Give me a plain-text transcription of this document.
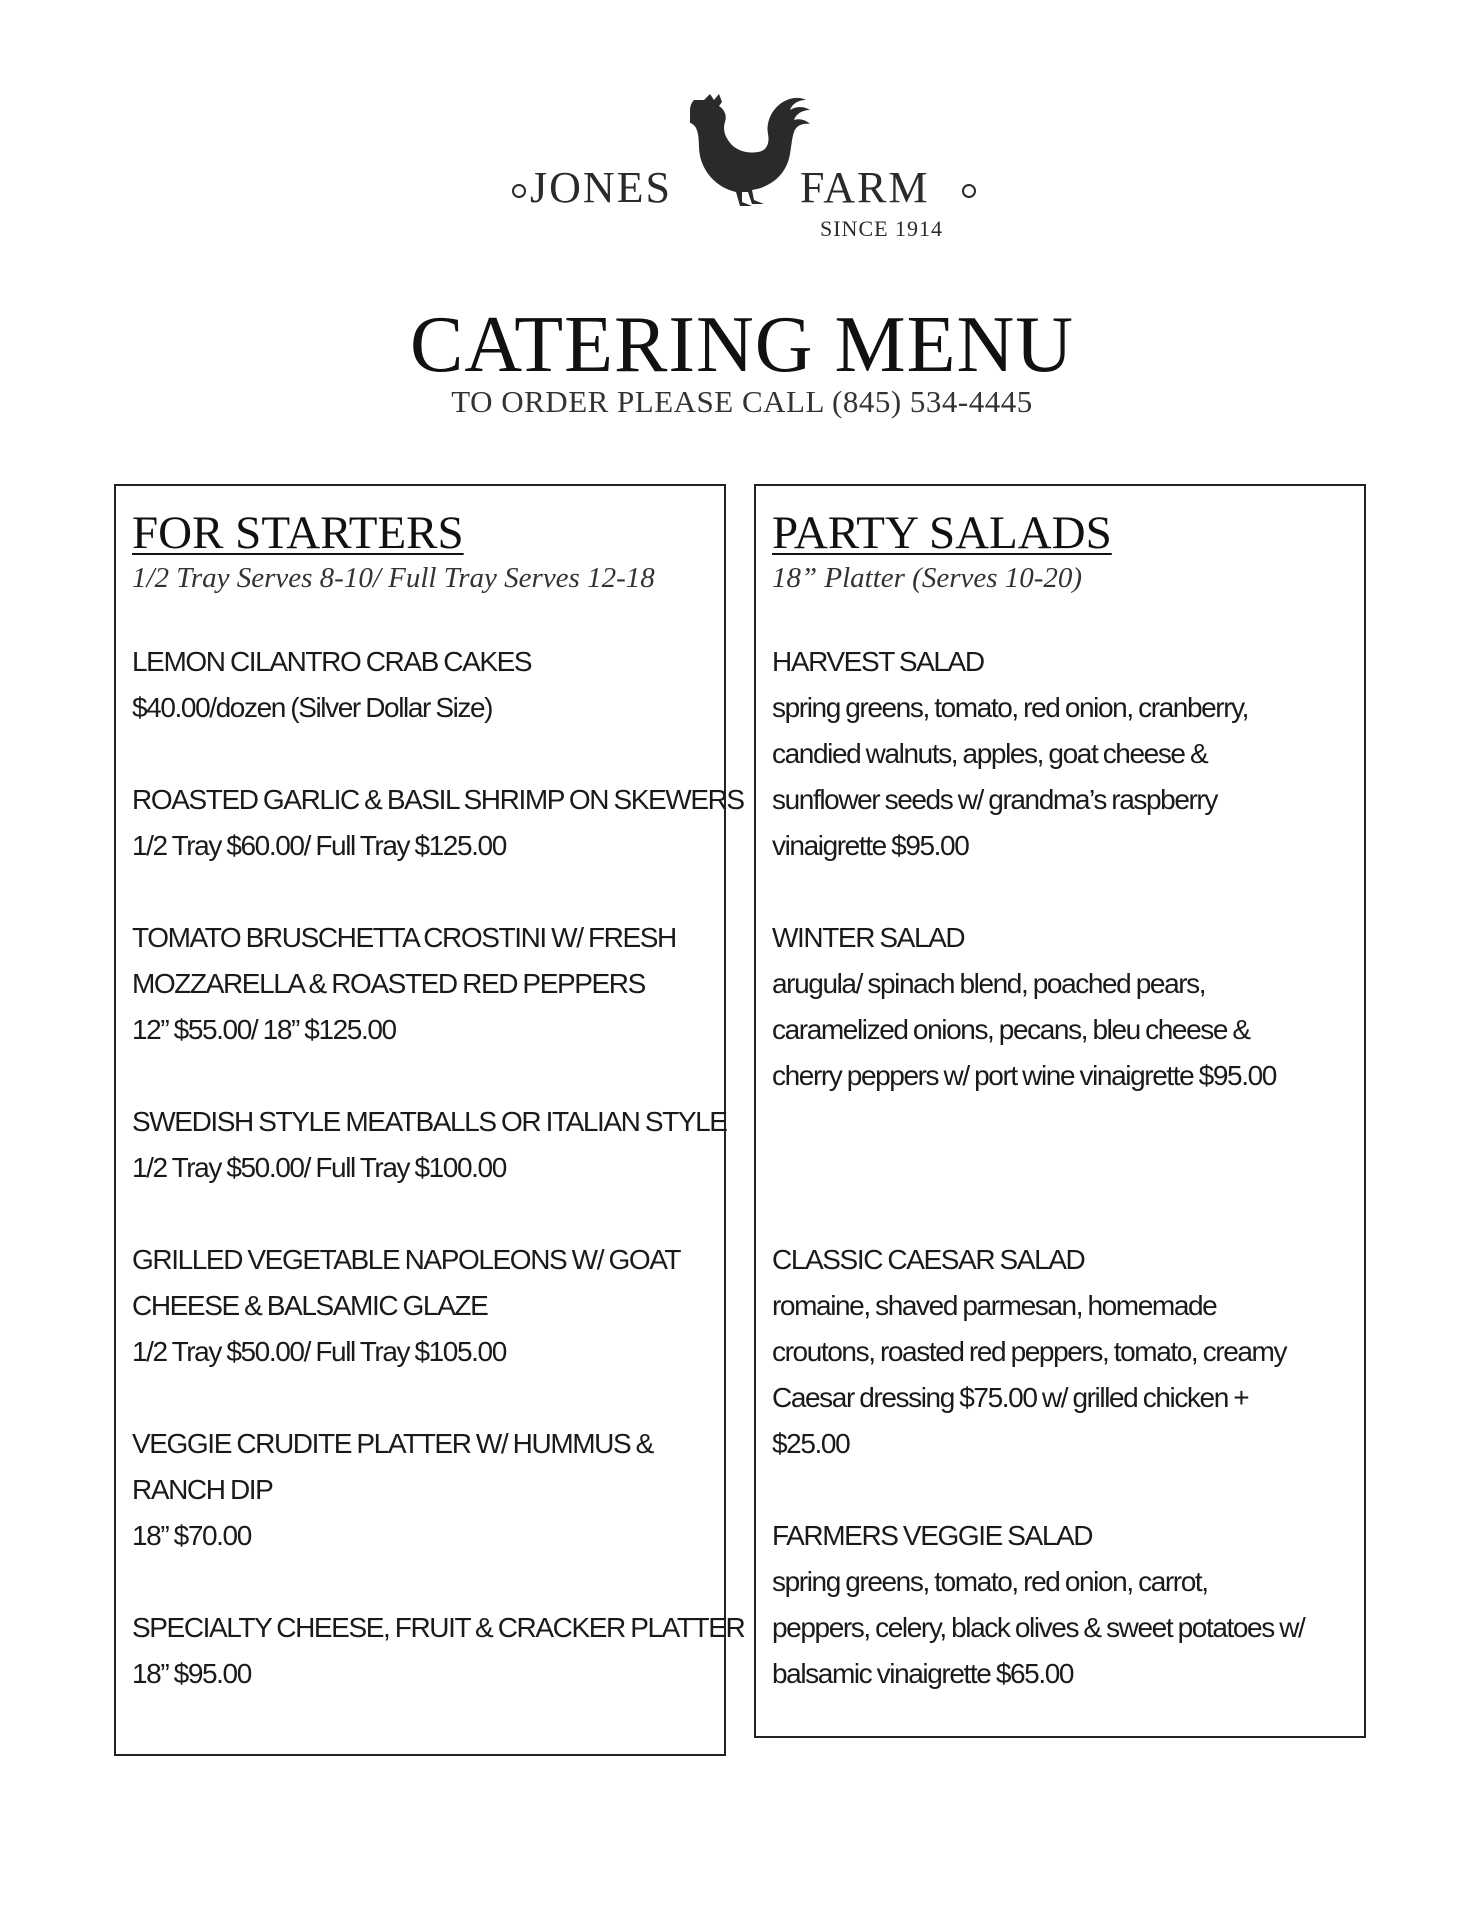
JONES	FARM
SINCE 1914
CATERING MENU
TO ORDER PLEASE CALL (845) 534-4445
FOR STARTERS
1/2 Tray Serves 8-10/ Full Tray Serves 12-18
LEMON CILANTRO CRAB CAKES
$40.00/dozen (Silver Dollar Size)
ROASTED GARLIC & BASIL SHRIMP ON SKEWERS
1/2 Tray $60.00/ Full Tray $125.00
TOMATO BRUSCHETTA CROSTINI W/ FRESH
MOZZARELLA & ROASTED RED PEPPERS
12” $55.00/ 18” $125.00
SWEDISH STYLE MEATBALLS OR ITALIAN STYLE
1/2 Tray $50.00/ Full Tray $100.00
GRILLED VEGETABLE NAPOLEONS W/ GOAT
CHEESE & BALSAMIC GLAZE
1/2 Tray $50.00/ Full Tray $105.00
VEGGIE CRUDITE PLATTER W/ HUMMUS &
RANCH DIP
18” $70.00
SPECIALTY CHEESE, FRUIT & CRACKER PLATTER
18” $95.00
PARTY SALADS
18” Platter (Serves 10-20)
HARVEST SALAD
spring greens, tomato, red onion, cranberry,
candied walnuts, apples, goat cheese &
sunflower seeds w/ grandma’s raspberry
vinaigrette $95.00
WINTER SALAD
arugula/ spinach blend, poached pears,
caramelized onions, pecans, bleu cheese &
cherry peppers w/ port wine vinaigrette $95.00
CLASSIC CAESAR SALAD
romaine, shaved parmesan, homemade
croutons, roasted red peppers, tomato, creamy
Caesar dressing $75.00 w/ grilled chicken +
$25.00
FARMERS VEGGIE SALAD
spring greens, tomato, red onion, carrot,
peppers, celery, black olives & sweet potatoes w/
balsamic vinaigrette $65.00
